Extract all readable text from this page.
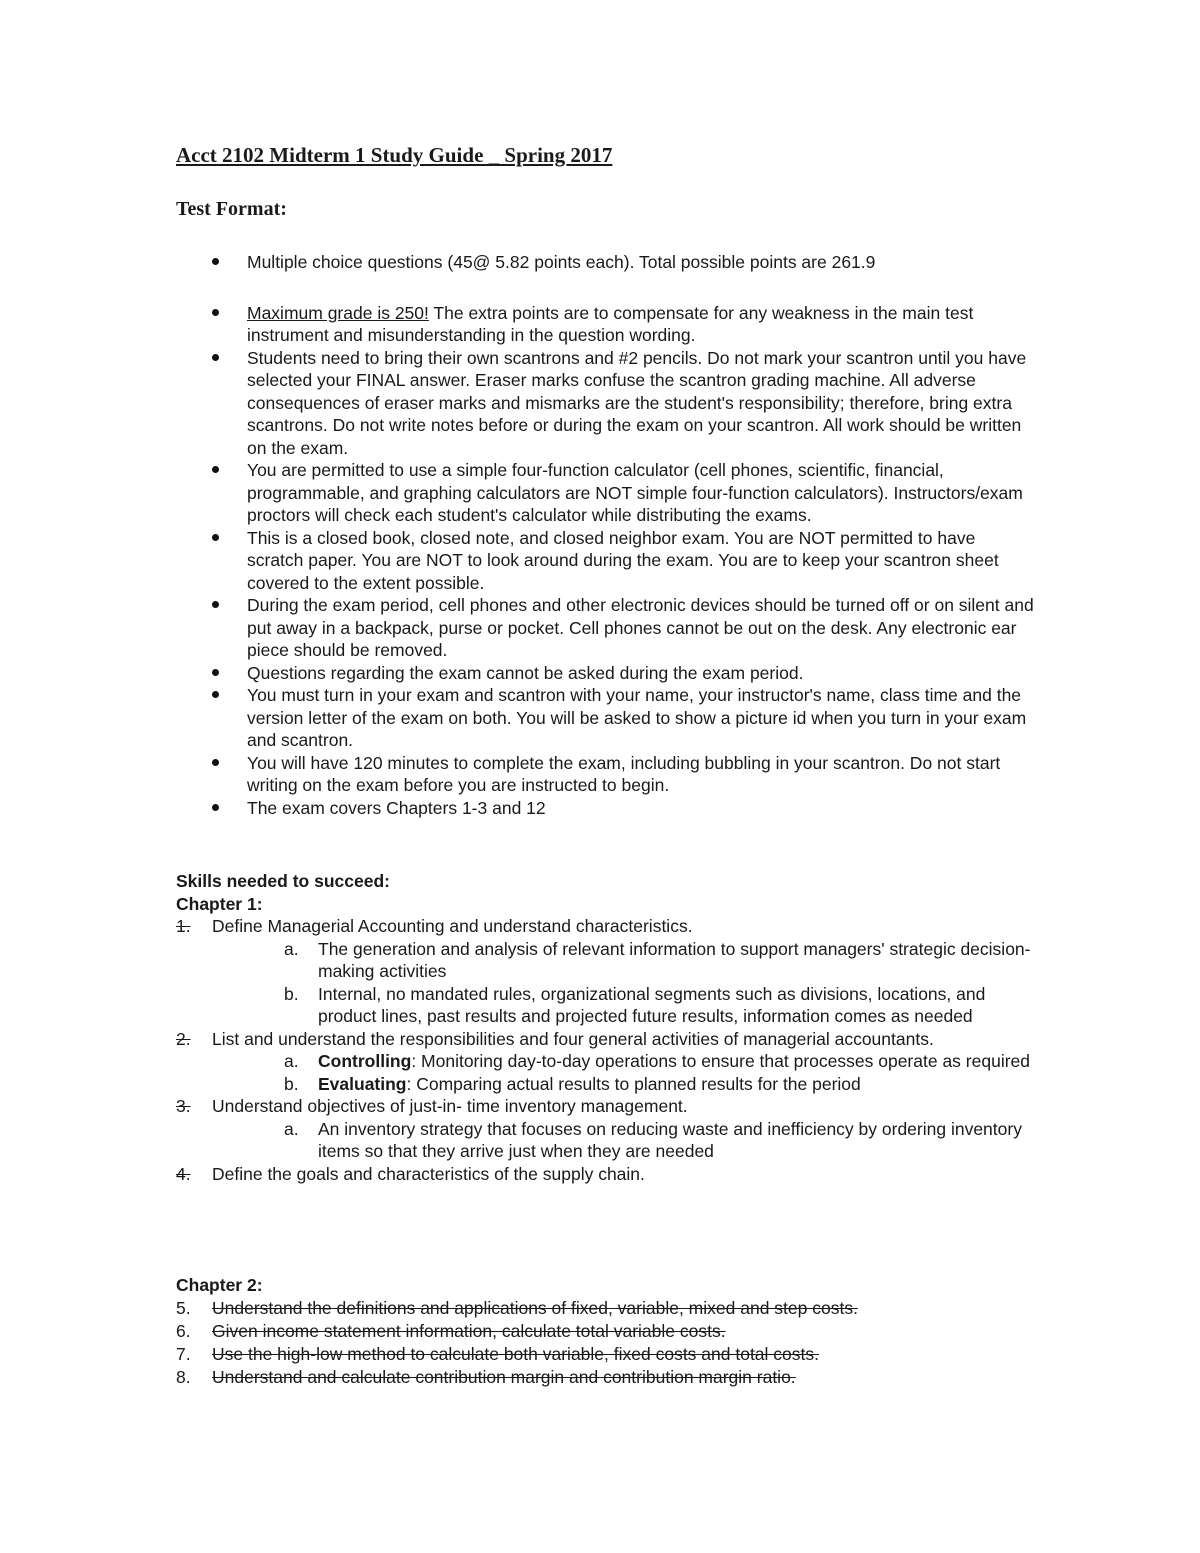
Acct 2102 Midterm 1 Study Guide _ Spring 2017
Test Format:
Multiple choice questions (45@ 5.82 points each). Total possible points are 261.9
Maximum grade is 250! The extra points are to compensate for any weakness in the main test instrument and misunderstanding in the question wording.
Students need to bring their own scantrons and #2 pencils. Do not mark your scantron until you have selected your FINAL answer. Eraser marks confuse the scantron grading machine. All adverse consequences of eraser marks and mismarks are the student's responsibility; therefore, bring extra scantrons. Do not write notes before or during the exam on your scantron. All work should be written on the exam.
You are permitted to use a simple four-function calculator (cell phones, scientific, financial, programmable, and graphing calculators are NOT simple four-function calculators). Instructors/exam proctors will check each student's calculator while distributing the exams.
This is a closed book, closed note, and closed neighbor exam. You are NOT permitted to have scratch paper. You are NOT to look around during the exam. You are to keep your scantron sheet covered to the extent possible.
During the exam period, cell phones and other electronic devices should be turned off or on silent and put away in a backpack, purse or pocket. Cell phones cannot be out on the desk. Any electronic ear piece should be removed.
Questions regarding the exam cannot be asked during the exam period.
You must turn in your exam and scantron with your name, your instructor's name, class time and the version letter of the exam on both. You will be asked to show a picture id when you turn in your exam and scantron.
You will have 120 minutes to complete the exam, including bubbling in your scantron. Do not start writing on the exam before you are instructed to begin.
The exam covers Chapters 1-3 and 12
Skills needed to succeed:
Chapter 1:
1. Define Managerial Accounting and understand characteristics.
a. The generation and analysis of relevant information to support managers' strategic decision-making activities
b. Internal, no mandated rules, organizational segments such as divisions, locations, and product lines, past results and projected future results, information comes as needed
2. List and understand the responsibilities and four general activities of managerial accountants.
a. Controlling: Monitoring day-to-day operations to ensure that processes operate as required
b. Evaluating: Comparing actual results to planned results for the period
3. Understand objectives of just-in- time inventory management.
a. An inventory strategy that focuses on reducing waste and inefficiency by ordering inventory items so that they arrive just when they are needed
4. Define the goals and characteristics of the supply chain.
Chapter 2:
5. Understand the definitions and applications of fixed, variable, mixed and step costs.
6. Given income statement information, calculate total variable costs.
7. Use the high-low method to calculate both variable, fixed costs and total costs.
8. Understand and calculate contribution margin and contribution margin ratio.
